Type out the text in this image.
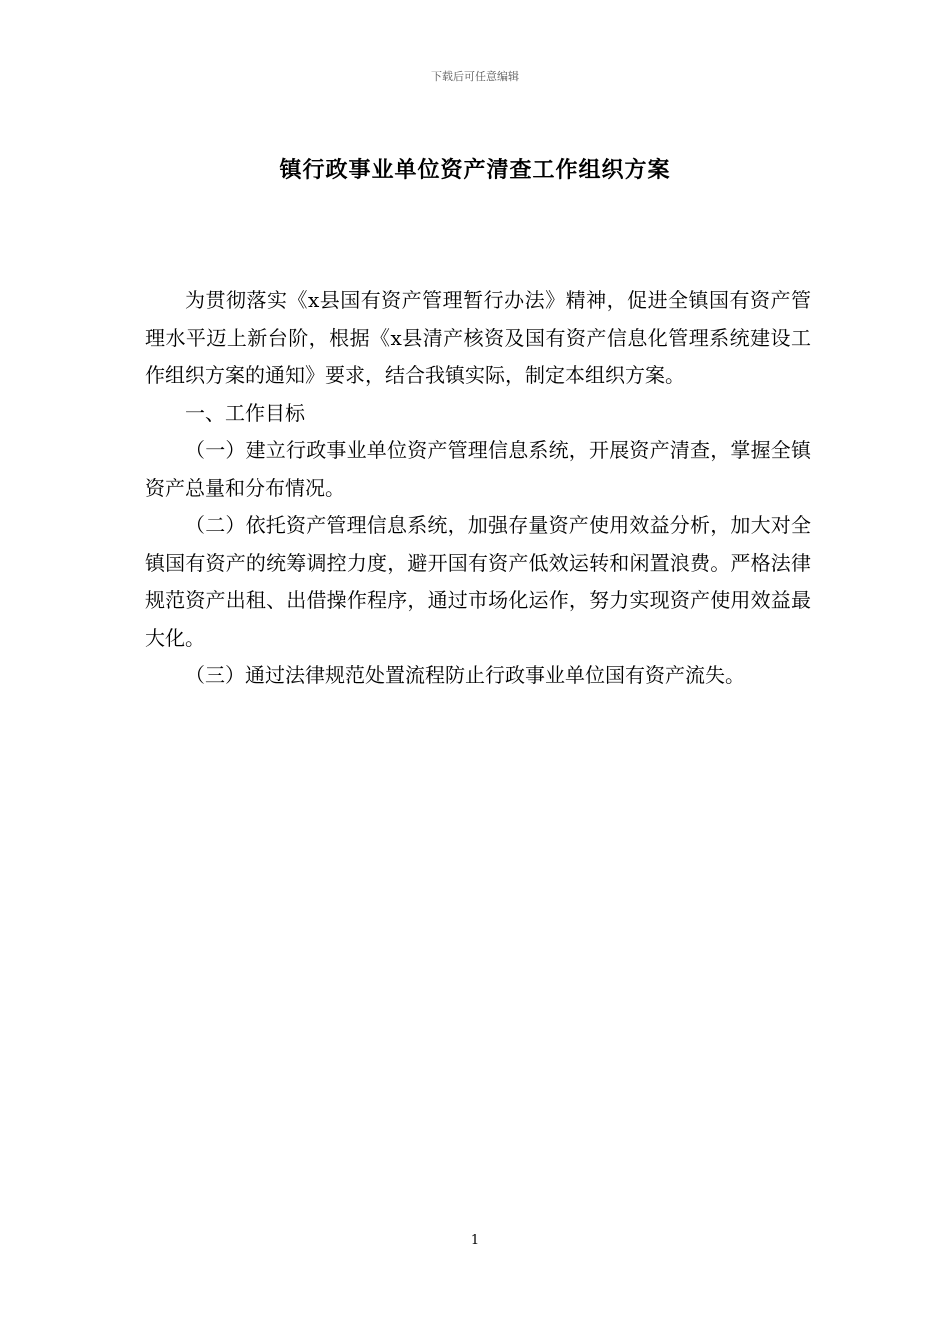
下载后可任意编辑
镇行政事业单位资产清查工作组织方案

为贯彻落实《x县国有资产管理暂行办法》精神，促进全镇国有资产管理水平迈上新台阶，根据《x县清产核资及国有资产信息化管理系统建设工作组织方案的通知》要求，结合我镇实际，制定本组织方案。

一、工作目标

（一）建立行政事业单位资产管理信息系统，开展资产清查，掌握全镇资产总量和分布情况。

（二）依托资产管理信息系统，加强存量资产使用效益分析，加大对全镇国有资产的统筹调控力度，避开国有资产低效运转和闲置浪费。严格法律规范资产出租、出借操作程序，通过市场化运作，努力实现资产使用效益最大化。

（三）通过法律规范处置流程防止行政事业单位国有资产流失。

1
